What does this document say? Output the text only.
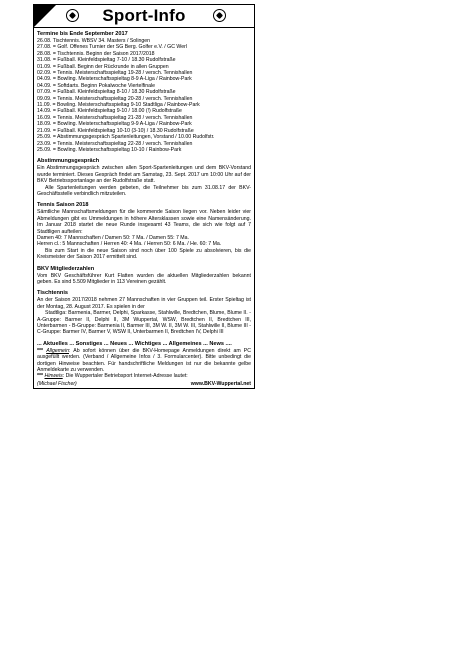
Sport-Info
Termine bis Ende September 2017
26.08. Tischtennis. WBSV 34. Masters / Solingen
27.08. = Golf. Offenes Turnier der SG Berg. Golfer e.V. / GC Werl
28.08. = Tischtennis. Beginn der Saison 2017/2018
31.08. = Fußball. Kleinfeldspieltag 7-10 / 18.30 Rudolfstraße
01.09. = Fußball. Beginn der Rückrunde in allen Gruppen
02.09. = Tennis. Meisterschaftsspieltag 19-28 / versch. Tennishallen
04.09. = Bowling. Meisterschaftsspieltag 8-9 A-Liga / Rainbow-Park
04.09. = Softdarts. Beginn Pokalwoche Viertelfinale
07.09. = Fußball. Kleinfeldspieltag 8-10 / 18.30 Rudolfstraße
09.09. = Tennis. Meisterschaftsspieltag 20-28 / versch. Tennishallen
11.09. = Bowling. Meisterschaftsspieltag 9-10 Stadtliga / Rainbow-Park
14.09. = Fußball. Kleinfeldspieltag 9-10 / 18.00 (!) Rudolfstraße
16.09. = Tennis. Meisterschaftsspieltag 21-28 / versch. Tennishallen
18.09. = Bowling. Meisterschaftsspieltag 9-9 A-Liga / Rainbow-Park
21.09. = Fußball. Kleinfeldspieltag 10-10 (3-10) / 18.30 Rudolfstraße
25.09. = Abstimmungsgespräch Spartenleitungen, Vorstand / 10.00 Rudolfstr.
23.09. = Tennis. Meisterschaftsspieltag 22-28 / versch. Tennishallen
25.09. = Bowling. Meisterschaftsspieltag 10-10 / Rainbow-Park
Abstimmungsgespräch
Ein Abstimmungsgespräch zwischen allen Sport-Spartenleitungen und dem BKV-Vorstand wurde terminiert. Dieses Gespräch findet am Samstag, 23. Sept. 2017 um 10:00 Uhr auf der BKV Betriebssportanlage an der Rudolfstraße statt.
Alle Spartenleitungen werden gebeten, die Teilnehmer bis zum 31.08.17 der BKV-Geschäftsstelle verbindlich mitzuteilen.
Tennis Saison 2018
Sämtliche Mannschaftsmeldungen für die kommende Saison liegen vor. Neben leider vier Abmeldungen gibt es Ummeldungen in höhere Altersklassen sowie eine Namensänderung. Im Januar 2018 startet die neue Runde insgesamt 43 Teams, die sich wie folgt auf 7 Stadtligen aufteilen:
Damen 40: 7 Mannschaften / Damen 50: 7 Ma. / Damen 55: 7 Ma.
Herren cl.: 5 Mannschaften / Herren 40: 4 Ma. / Herren 50: 6 Ma. / He. 60: 7 Ma.
Bis zum Start in die neue Saison sind noch über 100 Spiele zu absolvieren, bis die Kreismeister der Saison 2017 ermittelt sind.
BKV Mitgliederzahlen
Vom BKV Geschäftsführer Kurt Flatten wurden die aktuellen Mitgliederzahlen bekannt geben. Es sind 5.509 Mitglieder in 113 Vereinen gezählt.
Tischtennis
An der Saison 2017/2018 nehmen 27 Mannschaften in vier Gruppen teil. Erster Spieltag ist der Montag, 28. August 2017. Es spielen in der
Stadtliga: Barmenia, Barmer, Delphi, Sparkasse, Stahlwille, Bredtchen, Blume, Blume II. - A-Gruppe: Barmer II, Delphi II, 3M Wuppertal, WSW, Bredtchen II, Bredtchen III, Unterbarmen - B-Gruppe: Barmenia II, Barmer III, 3M W. II, 3M W. III, Stahlwille II, Blume III - C-Gruppe: Barmer IV, Barmer V, WSW II, Unterbarmen II, Bredtchen IV, Delphi III
... Aktuelles ... Sonstiges ... Neues ... Wichtiges ... Allgemeines ... News ....
*** Allgemein: Ab sofort können über die BKV-Homepage Anmeldungen direkt am PC ausgefüllt werden. (Verband / Allgemeine Infos / 3. Formularcenter). Bitte unbedingt die dortigen Hinweise beachten. Für handschriftliche Meldungen ist nur die bekannte gelbe Anmeldekarte zu verwenden.
*** Hinweis: Die Wuppertaler Betriebsport Internet-Adresse lautet:
(Michael Fischer)	www.BKV-Wuppertal.net
